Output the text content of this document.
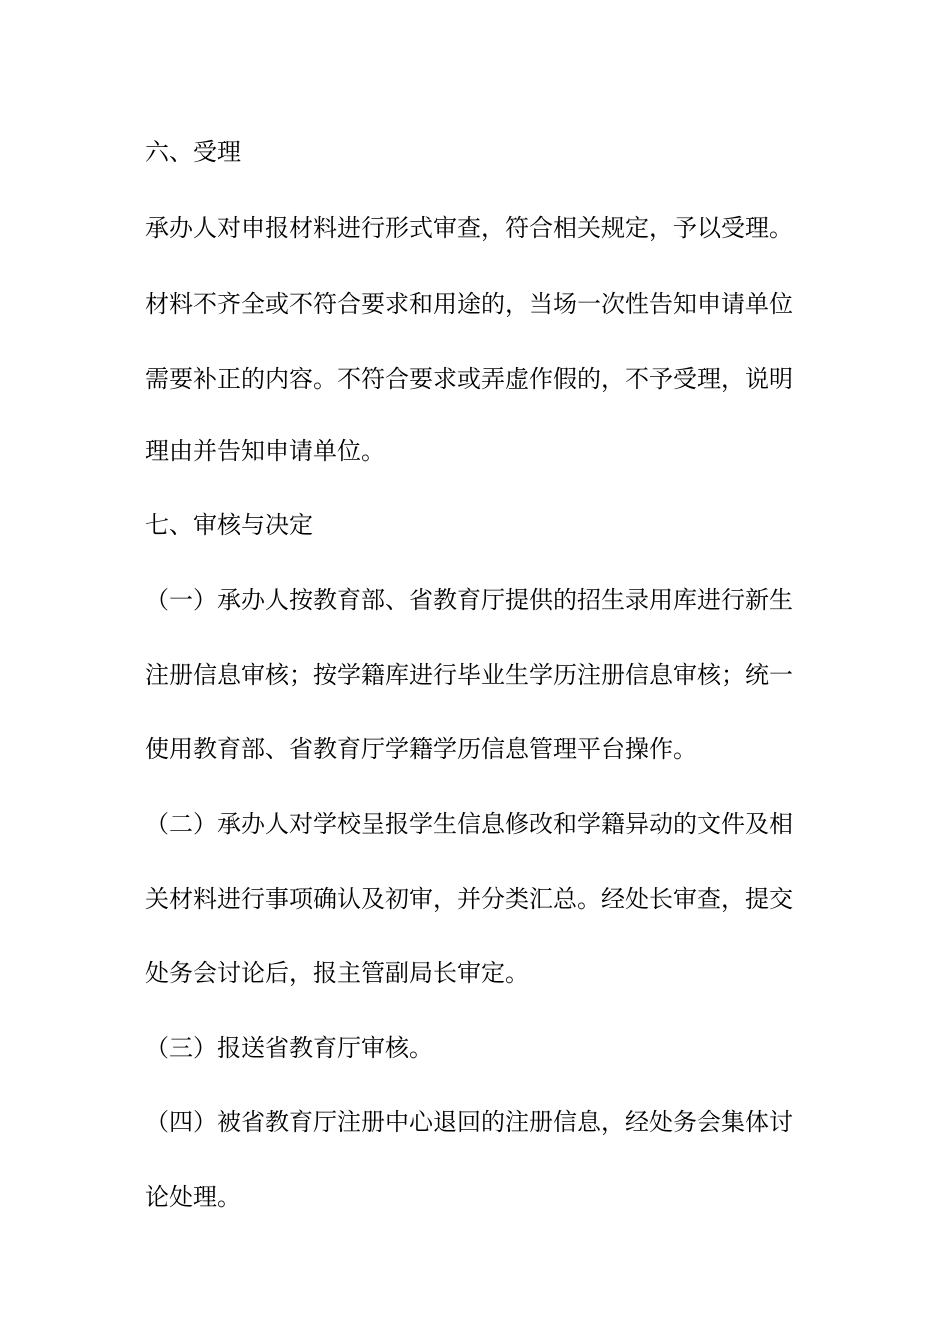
六、受理
承办人对申报材料进行形式审查，符合相关规定，予以受理。
材料不齐全或不符合要求和用途的，当场一次性告知申请单位
需要补正的内容。不符合要求或弄虚作假的，不予受理，说明
理由并告知申请单位。
七、审核与决定
（一）承办人按教育部、省教育厅提供的招生录用库进行新生
注册信息审核；按学籍库进行毕业生学历注册信息审核；统一
使用教育部、省教育厅学籍学历信息管理平台操作。
（二）承办人对学校呈报学生信息修改和学籍异动的文件及相
关材料进行事项确认及初审，并分类汇总。经处长审查，提交
处务会讨论后，报主管副局长审定。
（三）报送省教育厅审核。
（四）被省教育厅注册中心退回的注册信息，经处务会集体讨
论处理。
